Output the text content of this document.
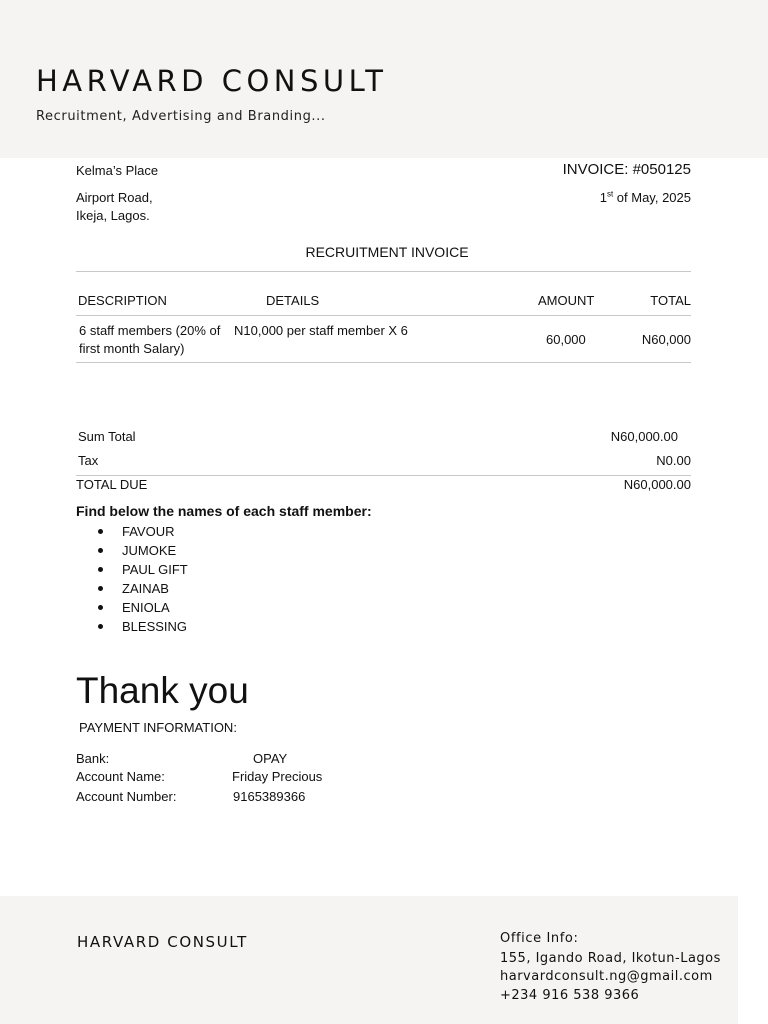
HARVARD CONSULT
Recruitment, Advertising and Branding...
Kelma’s Place
Airport Road,
Ikeja, Lagos.
INVOICE: #050125
1st of May, 2025
RECRUITMENT INVOICE
DESCRIPTION	DETAILS	AMOUNT	TOTAL
6 staff members (20% of
first month Salary)
N10,000 per staff member X 6
60,000	N60,000
Sum Total	N60,000.00
Tax	N0.00
TOTAL DUE	N60,000.00
Find below the names of each staff member:
FAVOUR
JUMOKE
PAUL GIFT
ZAINAB
ENIOLA
BLESSING
Thank you
PAYMENT INFORMATION:
Bank:	OPAY
Account Name:	Friday Precious
Account Number:	9165389366
HARVARD CONSULT	Office Info:
155, Igando Road, Ikotun-Lagos
harvardconsult.ng@gmail.com
+234 916 538 9366
